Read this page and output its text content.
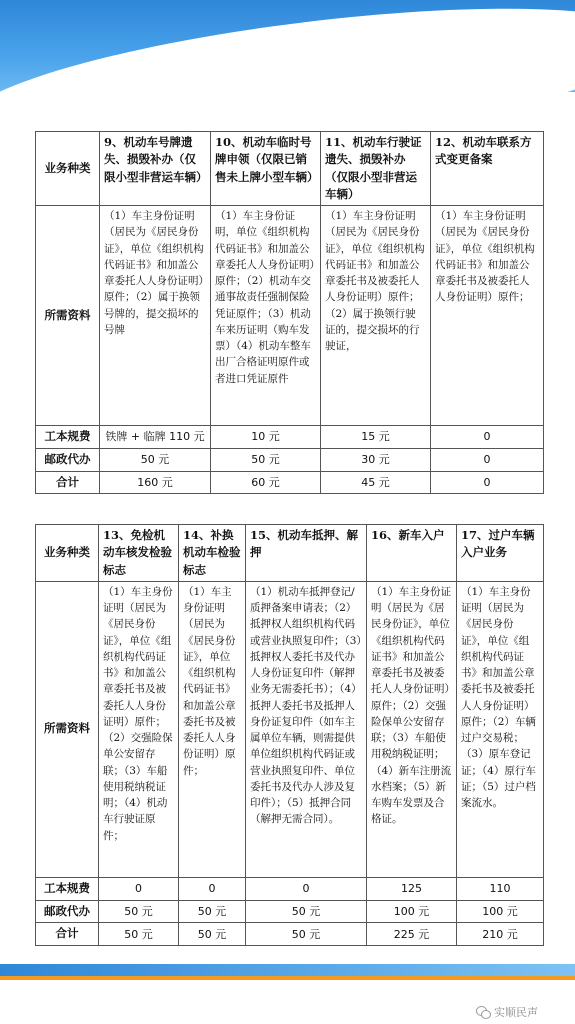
业务种类	9、机动车号牌遗失、损毁补办（仅限小型非营运车辆）	10、机动车临时号牌申领（仅限已销售未上牌小型车辆）	11、机动车行驶证遗失、损毁补办（仅限小型非营运车辆）	12、机动车联系方式变更备案
所需资料	（1）车主身份证明（居民为《居民身份证》，单位《组织机构代码证书》和加盖公章委托人人身份证明）原件；（2）属于换领号牌的，提交损坏的号牌	（1）车主身份证明，单位《组织机构代码证书》和加盖公章委托人人身份证明）原件；（2）机动车交通事故责任强制保险凭证原件；（3）机动车来历证明（购车发票）（4）机动车整车出厂合格证明原件或者进口凭证原件	（1）车主身份证明（居民为《居民身份证》，单位《组织机构代码证书》和加盖公章委托书及被委托人人身份证明）原件；（2）属于换领行驶证的，提交损坏的行驶证，	（1）车主身份证明（居民为《居民身份证》，单位《组织机构代码证书》和加盖公章委托书及被委托人人身份证明）原件；
工本规费	铁牌 + 临牌 110 元	10 元	15 元	0
邮政代办	50 元	50 元	30 元	0
合计	160 元	60 元	45 元	0
业务种类	13、免检机动车核发检验标志	14、补换机动车检验标志	15、机动车抵押、解押	16、新车入户	17、过户车辆入户业务
所需资料	（1）车主身份证明（居民为《居民身份证》，单位《组织机构代码证书》和加盖公章委托书及被委托人人身份证明）原件；（2）交强险保单公安留存联；（3）车船使用税纳税证明；（4）机动车行驶证原件；	（1）车主身份证明（居民为《居民身份证》，单位《组织机构代码证书》和加盖公章委托书及被委托人人身份证明）原件；	（1）机动车抵押登记/质押备案申请表；（2）抵押权人组织机构代码或营业执照复印件；（3）抵押权人委托书及代办人身份证复印件（解押业务无需委托书）；（4）抵押人委托书及抵押人身份证复印件（如车主属单位车辆，则需提供单位组织机构代码证或营业执照复印件、单位委托书及代办人涉及复印件）；（5）抵押合同（解押无需合同）。	（1）车主身份证明（居民为《居民身份证》，单位《组织机构代码证书》和加盖公章委托书及被委托人人身份证明）原件；（2）交强险保单公安留存联；（3）车船使用税纳税证明；（4）新车注册流水档案；（5）新车购车发票及合格证。	（1）车主身份证明（居民为《居民身份证》，单位《组织机构代码证书》和加盖公章委托书及被委托人人身份证明）原件；（2）车辆过户交易税；（3）原车登记证；（4）原行车证；（5）过户档案流水。
工本规费	0	0	0	125	110
邮政代办	50 元	50 元	50 元	100 元	100 元
合计	50 元	50 元	50 元	225 元	210 元
实顺民声
